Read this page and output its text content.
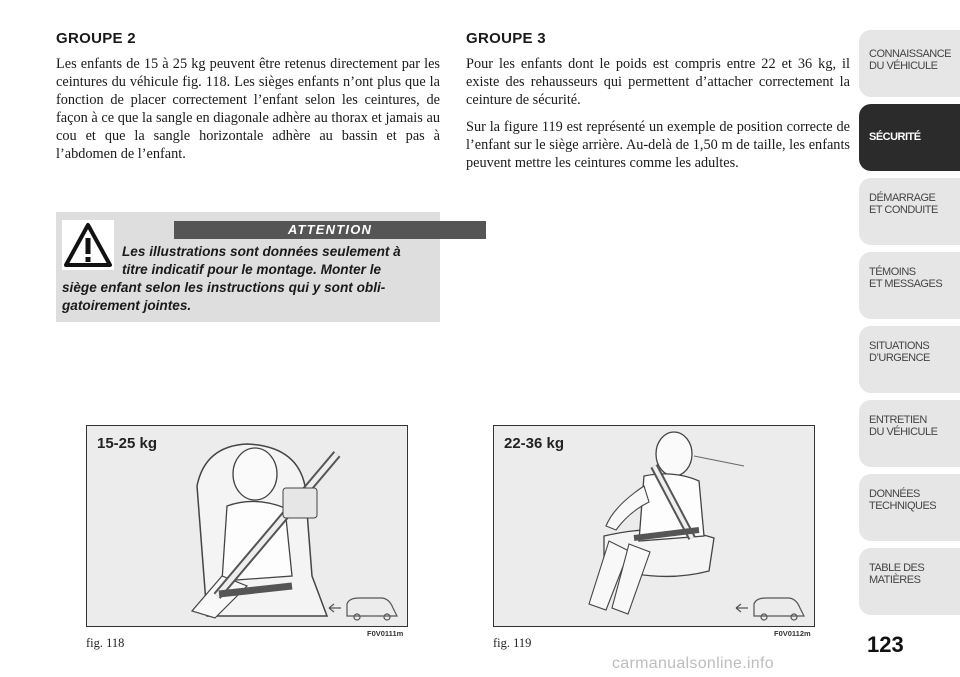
GROUPE 2

Les enfants de 15 à 25 kg peuvent être retenus directement par les ceintures du véhicule fig. 118. Les sièges enfants n’ont plus que la fonction de placer correctement l’enfant selon les ceintures, de façon à ce que la sangle en diagonale adhère au thorax et jamais au cou et que la sangle horizontale adhère au bassin et pas à l’abdomen de l’enfant.

GROUPE 3

Pour les enfants dont le poids est compris entre 22 et 36 kg, il existe des rehausseurs qui permettent d’attacher correctement la ceinture de sécurité.

Sur la figure 119 est représenté un exemple de position correcte de l’enfant sur le siège arrière. Au-delà de 1,50 m de taille, les enfants peuvent mettre les ceintures comme les adultes.

ATTENTION
Les illustrations sont données seulement à
titre indicatif pour le montage. Monter le
siège enfant selon les instructions qui y sont obli-
gatoirement jointes.
15-25 kg	22-36 kg
fig. 118
F0V0111m
fig. 119
F0V0112m
CONNAISSANCE
DU VÉHICULE
SÉCURITÉ
DÉMARRAGE
ET CONDUITE
TÉMOINS
ET MESSAGES
SITUATIONS
D’URGENCE
ENTRETIEN
DU VÉHICULE
DONNÉES
TECHNIQUES
TABLE DES
MATIÈRES
123
carmanualsonline.info
